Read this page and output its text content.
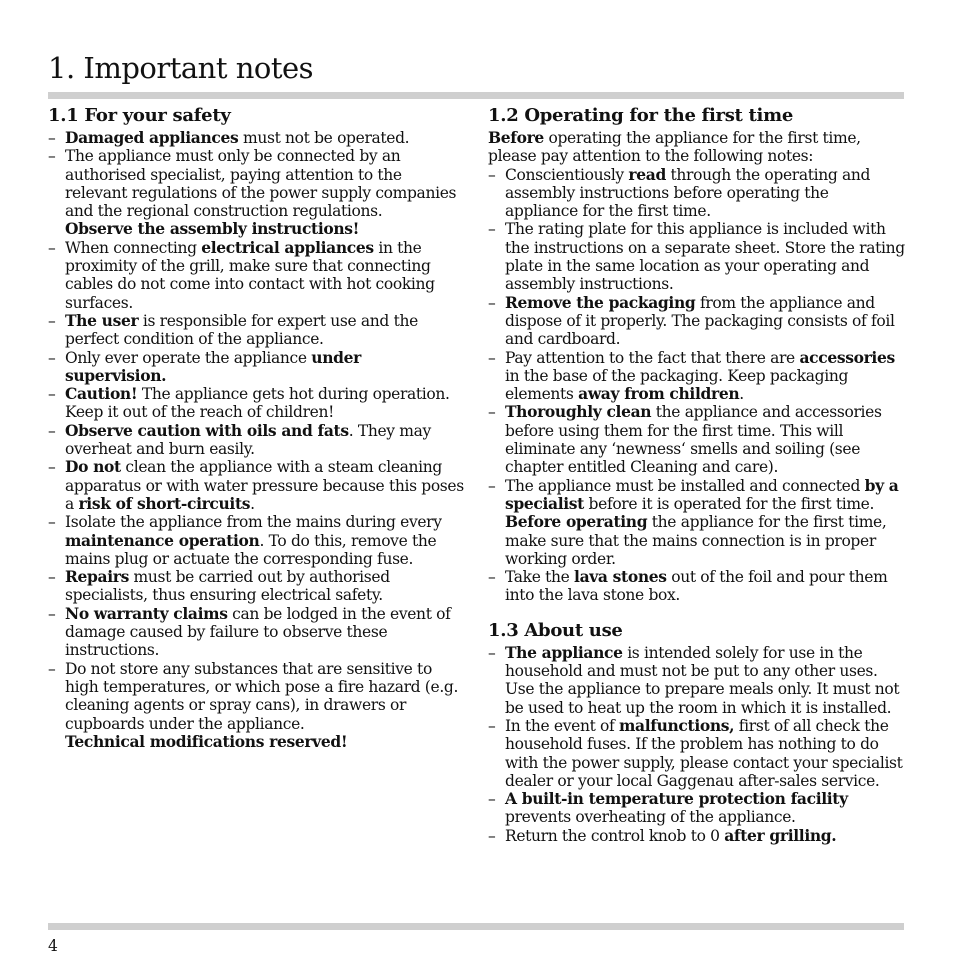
1. Important notes
1.1 For your safety
– Damaged appliances must not be operated.
– The appliance must only be connected by an authorised specialist, paying attention to the relevant regulations of the power supply companies and the regional construction regulations.
Observe the assembly instructions!
– When connecting electrical appliances in the proximity of the grill, make sure that connecting cables do not come into contact with hot cooking surfaces.
– The user is responsible for expert use and the perfect condition of the appliance.
– Only ever operate the appliance under supervision.
– Caution! The appliance gets hot during operation. Keep it out of the reach of children!
– Observe caution with oils and fats. They may overheat and burn easily.
– Do not clean the appliance with a steam cleaning apparatus or with water pressure because this poses a risk of short-circuits.
– Isolate the appliance from the mains during every maintenance operation. To do this, remove the mains plug or actuate the corresponding fuse.
– Repairs must be carried out by authorised specialists, thus ensuring electrical safety.
– No warranty claims can be lodged in the event of damage caused by failure to observe these instructions.
– Do not store any substances that are sensitive to high temperatures, or which pose a fire hazard (e.g. cleaning agents or spray cans), in drawers or cupboards under the appliance.
Technical modifications reserved!
1.2 Operating for the first time
Before operating the appliance for the first time, please pay attention to the following notes:
– Conscientiously read through the operating and assembly instructions before operating the appliance for the first time.
– The rating plate for this appliance is included with the instructions on a separate sheet. Store the rating plate in the same location as your operating and assembly instructions.
– Remove the packaging from the appliance and dispose of it properly. The packaging consists of foil and cardboard.
– Pay attention to the fact that there are accessories in the base of the packaging. Keep packaging elements away from children.
– Thoroughly clean the appliance and accessories before using them for the first time. This will eliminate any ‘newness‘ smells and soiling (see chapter entitled Cleaning and care).
– The appliance must be installed and connected by a specialist before it is operated for the first time. Before operating the appliance for the first time, make sure that the mains connection is in proper working order.
– Take the lava stones out of the foil and pour them into the lava stone box.
1.3 About use
– The appliance is intended solely for use in the household and must not be put to any other uses.
Use the appliance to prepare meals only. It must not be used to heat up the room in which it is installed.
– In the event of malfunctions, first of all check the household fuses. If the problem has nothing to do with the power supply, please contact your specialist dealer or your local Gaggenau after-sales service.
– A built-in temperature protection facility prevents overheating of the appliance.
– Return the control knob to 0 after grilling.
4
